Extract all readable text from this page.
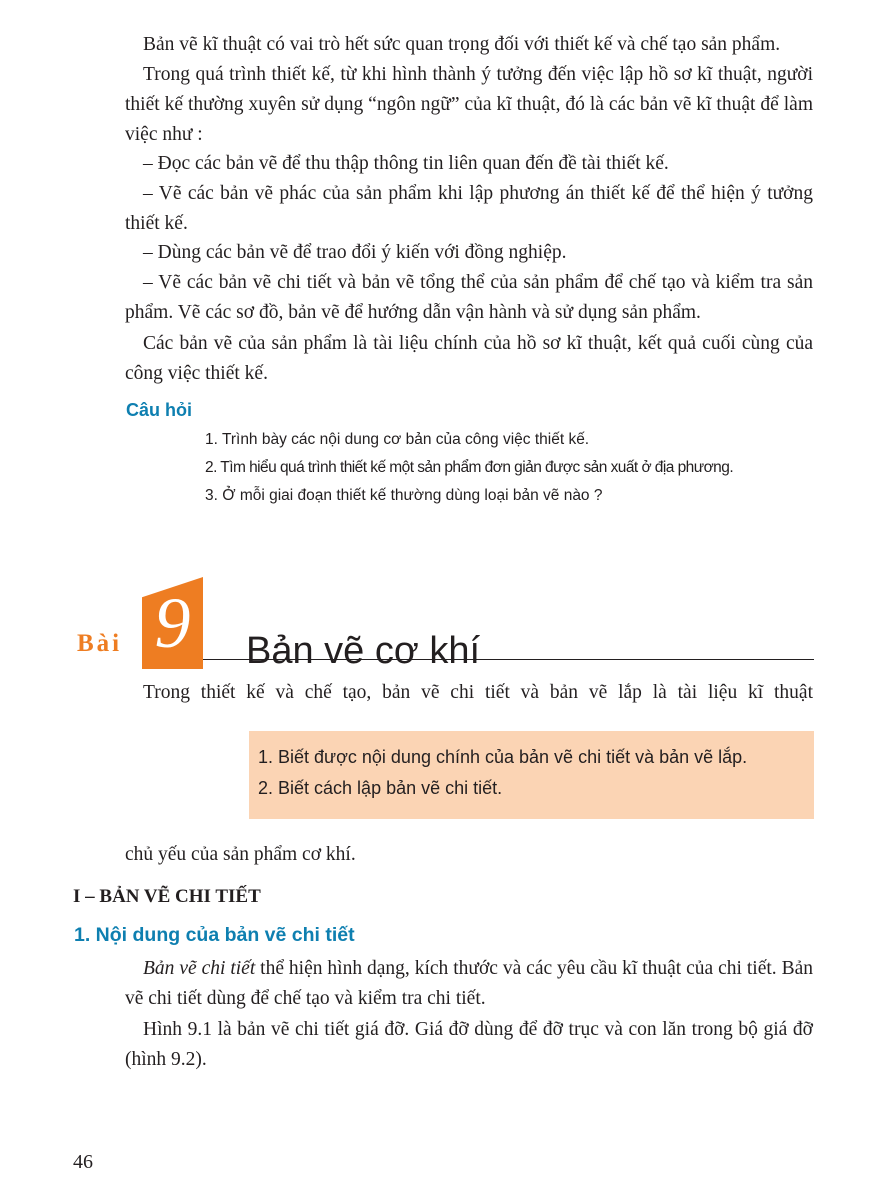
Bản vẽ kĩ thuật có vai trò hết sức quan trọng đối với thiết kế và chế tạo sản phẩm.

Trong quá trình thiết kế, từ khi hình thành ý tưởng đến việc lập hồ sơ kĩ thuật, người thiết kế thường xuyên sử dụng “ngôn ngữ” của kĩ thuật, đó là các bản vẽ kĩ thuật để làm việc như :

– Đọc các bản vẽ để thu thập thông tin liên quan đến đề tài thiết kế.

– Vẽ các bản vẽ phác của sản phẩm khi lập phương án thiết kế để thể hiện ý tưởng thiết kế.

– Dùng các bản vẽ để trao đổi ý kiến với đồng nghiệp.

– Vẽ các bản vẽ chi tiết và bản vẽ tổng thể của sản phẩm để chế tạo và kiểm tra sản phẩm. Vẽ các sơ đồ, bản vẽ để hướng dẫn vận hành và sử dụng sản phẩm.

Các bản vẽ của sản phẩm là tài liệu chính của hồ sơ kĩ thuật, kết quả cuối cùng của công việc thiết kế.

Câu hỏi

1. Trình bày các nội dung cơ bản của công việc thiết kế.

2. Tìm hiểu quá trình thiết kế một sản phẩm đơn giản được sản xuất ở địa phương.

3. Ở mỗi giai đoạn thiết kế thường dùng loại bản vẽ nào ?

Bài 9	Bản vẽ cơ khí

Trong thiết kế và chế tạo, bản vẽ chi tiết và bản vẽ lắp là tài liệu kĩ thuật

1. Biết được nội dung chính của bản vẽ chi tiết và bản vẽ lắp.

2. Biết cách lập bản vẽ chi tiết.

chủ yếu của sản phẩm cơ khí.

I – BẢN VẼ CHI TIẾT

1. Nội dung của bản vẽ chi tiết

Bản vẽ chi tiết thể hiện hình dạng, kích thước và các yêu cầu kĩ thuật của chi tiết. Bản vẽ chi tiết dùng để chế tạo và kiểm tra chi tiết.

Hình 9.1 là bản vẽ chi tiết giá đỡ. Giá đỡ dùng để đỡ trục và con lăn trong bộ giá đỡ (hình 9.2).

46
